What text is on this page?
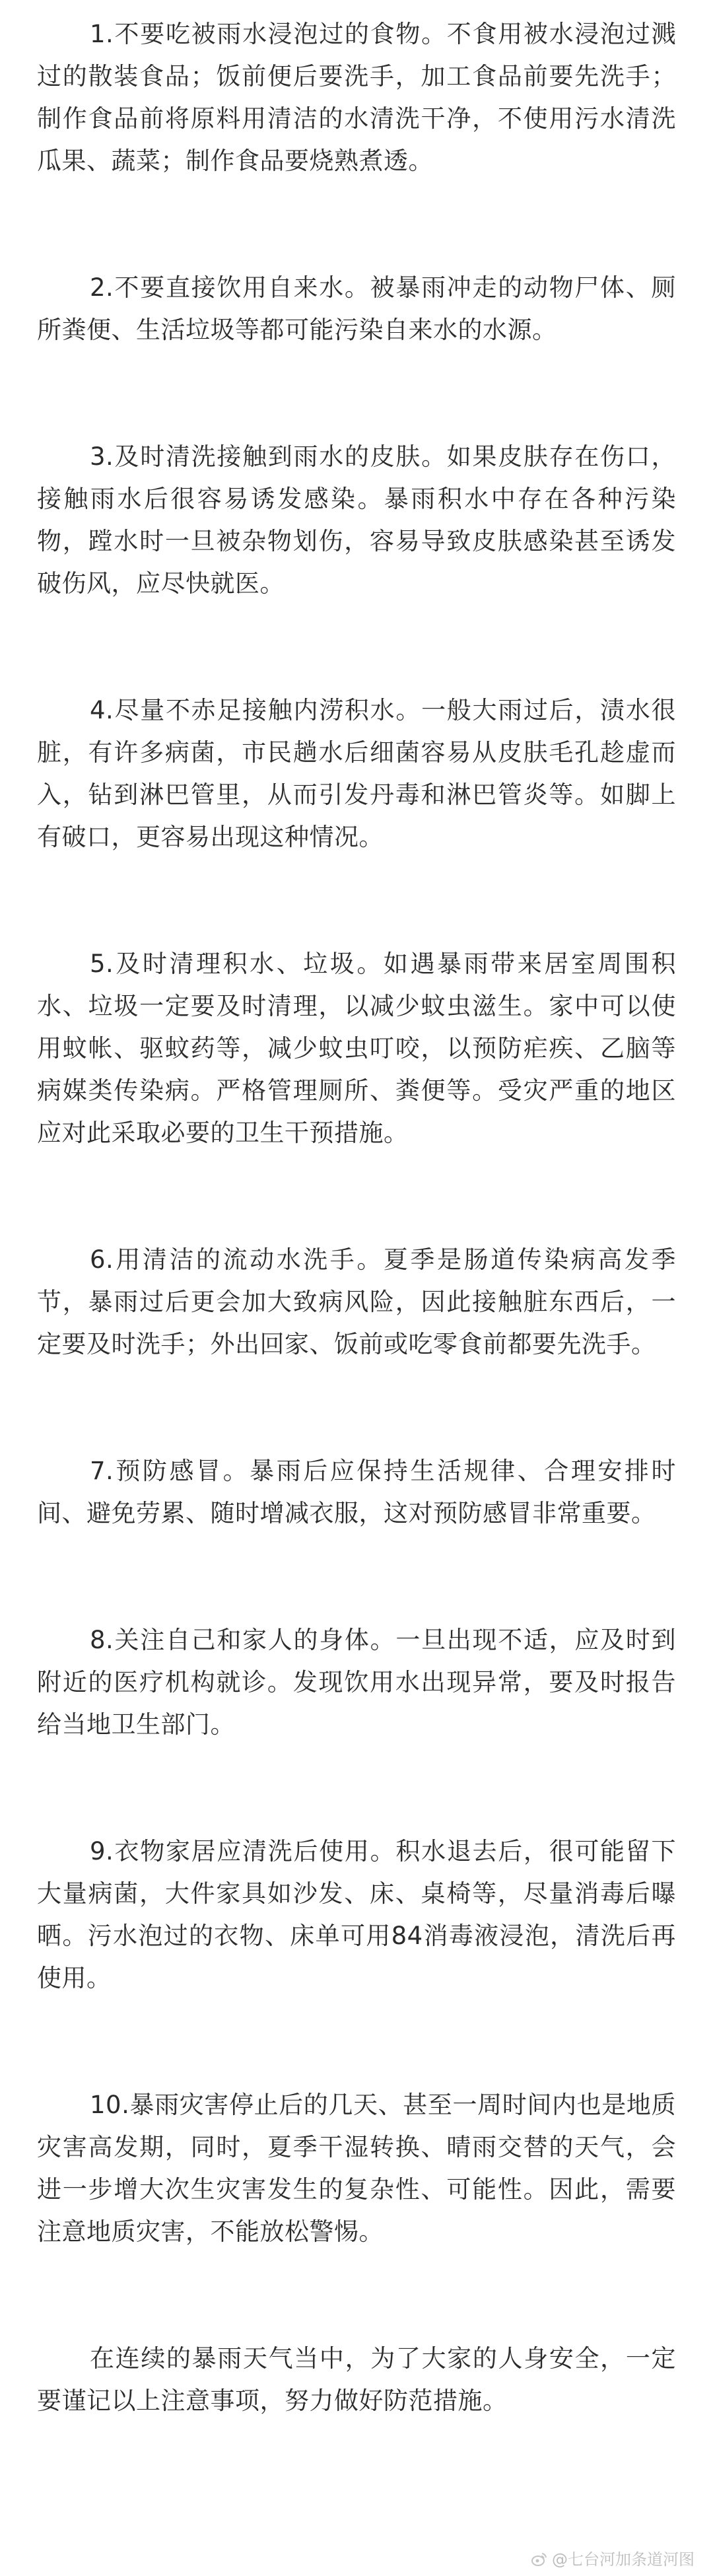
1.不要吃被雨水浸泡过的食物。不食用被水浸泡过溅过的散装食品；饭前便后要洗手，加工食品前要先洗手；制作食品前将原料用清洁的水清洗干净，不使用污水清洗瓜果、蔬菜；制作食品要烧熟煮透。

2.不要直接饮用自来水。被暴雨冲走的动物尸体、厕所粪便、生活垃圾等都可能污染自来水的水源。

3.及时清洗接触到雨水的皮肤。如果皮肤存在伤口，接触雨水后很容易诱发感染。暴雨积水中存在各种污染物，蹚水时一旦被杂物划伤，容易导致皮肤感染甚至诱发破伤风，应尽快就医。

4.尽量不赤足接触内涝积水。一般大雨过后，渍水很脏，有许多病菌，市民趟水后细菌容易从皮肤毛孔趁虚而入，钻到淋巴管里，从而引发丹毒和淋巴管炎等。如脚上有破口，更容易出现这种情况。

5.及时清理积水、垃圾。如遇暴雨带来居室周围积水、垃圾一定要及时清理，以减少蚊虫滋生。家中可以使用蚊帐、驱蚊药等，减少蚊虫叮咬，以预防疟疾、乙脑等病媒类传染病。严格管理厕所、粪便等。受灾严重的地区应对此采取必要的卫生干预措施。

6.用清洁的流动水洗手。夏季是肠道传染病高发季节，暴雨过后更会加大致病风险，因此接触脏东西后，一定要及时洗手；外出回家、饭前或吃零食前都要先洗手。

7.预防感冒。暴雨后应保持生活规律、合理安排时间、避免劳累、随时增减衣服，这对预防感冒非常重要。

8.关注自己和家人的身体。一旦出现不适，应及时到附近的医疗机构就诊。发现饮用水出现异常，要及时报告给当地卫生部门。

9.衣物家居应清洗后使用。积水退去后，很可能留下大量病菌，大件家具如沙发、床、桌椅等，尽量消毒后曝晒。污水泡过的衣物、床单可用84消毒液浸泡，清洗后再使用。

10.暴雨灾害停止后的几天、甚至一周时间内也是地质灾害高发期，同时，夏季干湿转换、晴雨交替的天气，会进一步增大次生灾害发生的复杂性、可能性。因此，需要注意地质灾害，不能放松警惕。

在连续的暴雨天气当中，为了大家的人身安全，一定要谨记以上注意事项，努力做好防范措施。

@七台河加条道河图
